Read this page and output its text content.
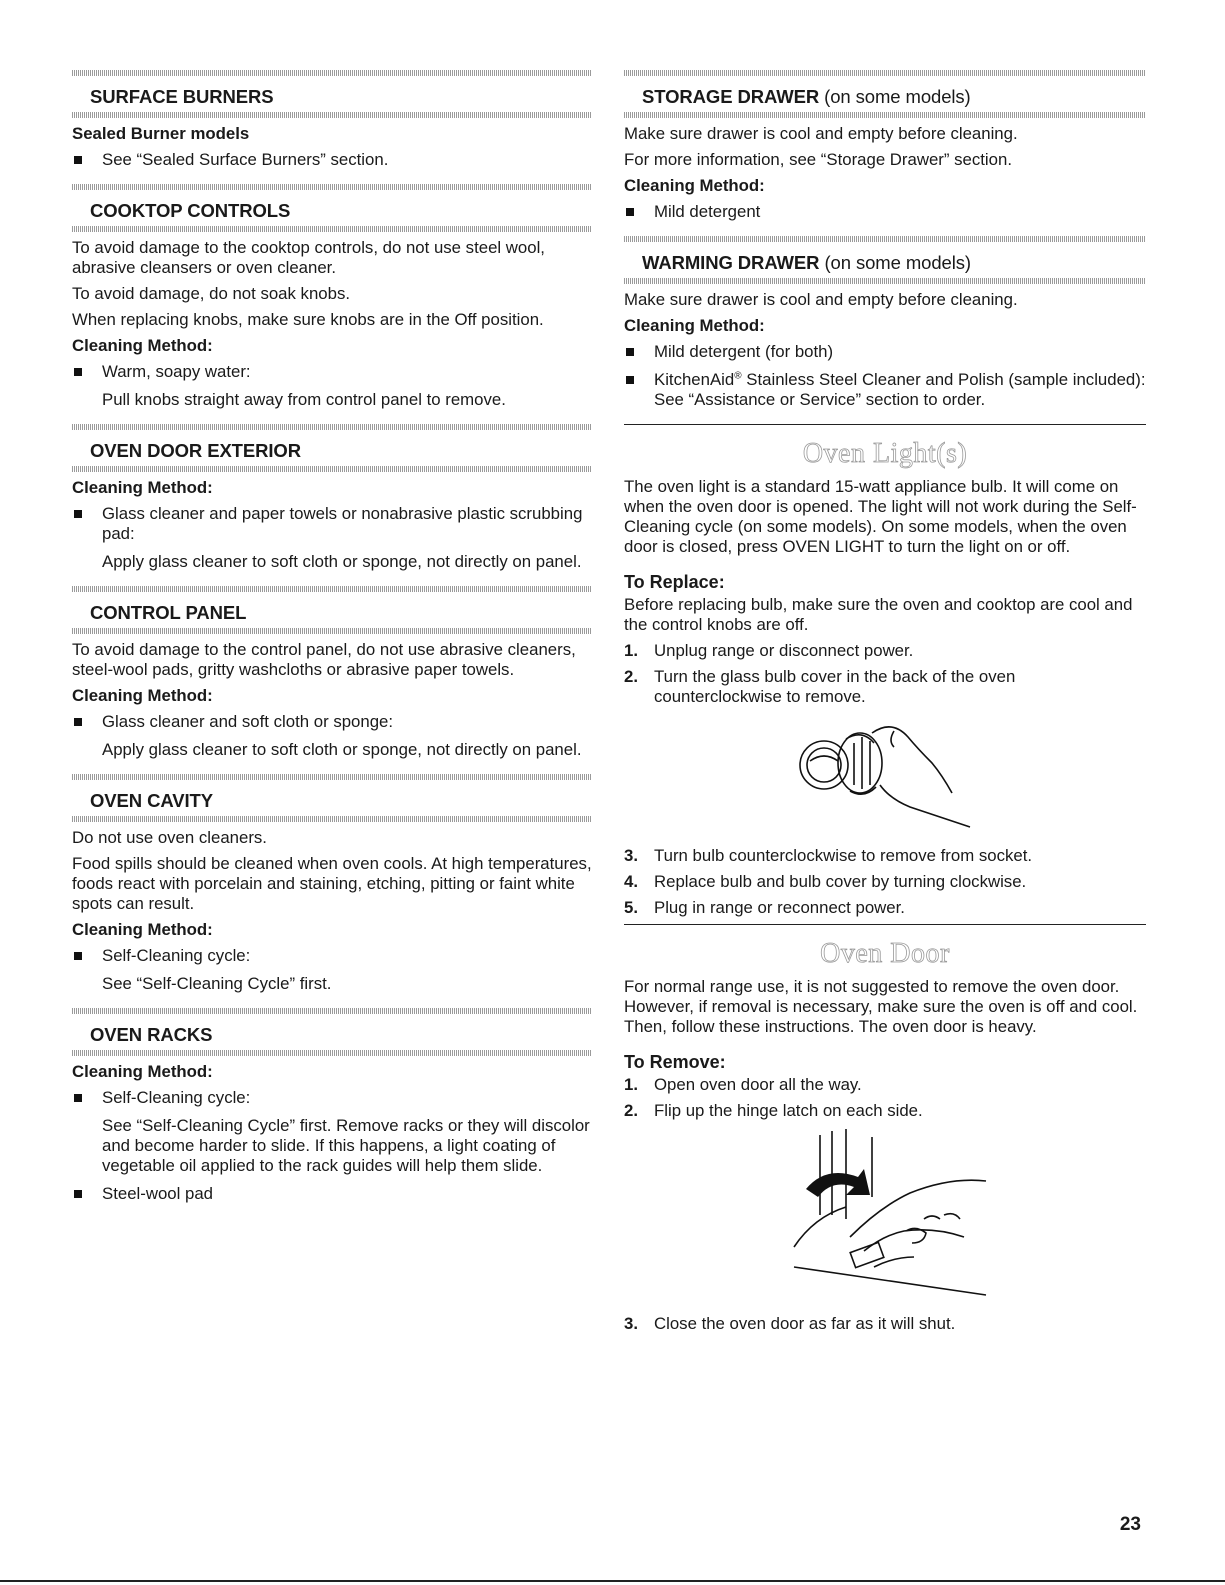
SURFACE BURNERS
Sealed Burner models
See “Sealed Surface Burners” section.
COOKTOP CONTROLS

To avoid damage to the cooktop controls, do not use steel wool, abrasive cleansers or oven cleaner.

To avoid damage, do not soak knobs.

When replacing knobs, make sure knobs are in the Off position.

Cleaning Method:
Warm, soapy water:
Pull knobs straight away from control panel to remove.
OVEN DOOR EXTERIOR
Cleaning Method:
Glass cleaner and paper towels or nonabrasive plastic scrubbing pad:
Apply glass cleaner to soft cloth or sponge, not directly on panel.
CONTROL PANEL

To avoid damage to the control panel, do not use abrasive cleaners, steel-wool pads, gritty washcloths or abrasive paper towels.

Cleaning Method:
Glass cleaner and soft cloth or sponge:
Apply glass cleaner to soft cloth or sponge, not directly on panel.
OVEN CAVITY

Do not use oven cleaners.

Food spills should be cleaned when oven cools. At high temperatures, foods react with porcelain and staining, etching, pitting or faint white spots can result.

Cleaning Method:
Self-Cleaning cycle:
See “Self-Cleaning Cycle” first.
OVEN RACKS
Cleaning Method:
Self-Cleaning cycle:
See “Self-Cleaning Cycle” first. Remove racks or they will discolor and become harder to slide. If this happens, a light coating of vegetable oil applied to the rack guides will help them slide.
Steel-wool pad
STORAGE DRAWER (on some models)

Make sure drawer is cool and empty before cleaning.

For more information, see “Storage Drawer” section.

Cleaning Method:
Mild detergent
WARMING DRAWER (on some models)

Make sure drawer is cool and empty before cleaning.

Cleaning Method:
Mild detergent (for both)
KitchenAid® Stainless Steel Cleaner and Polish (sample included):
See “Assistance or Service” section to order.
Oven Light(s)

The oven light is a standard 15-watt appliance bulb. It will come on when the oven door is opened. The light will not work during the Self-Cleaning cycle (on some models). On some models, when the oven door is closed, press OVEN LIGHT to turn the light on or off.

To Replace:

Before replacing bulb, make sure the oven and cooktop are cool and the control knobs are off.

1. Unplug range or disconnect power.
2. Turn the glass bulb cover in the back of the oven counterclockwise to remove.
3. Turn bulb counterclockwise to remove from socket.
4. Replace bulb and bulb cover by turning clockwise.
5. Plug in range or reconnect power.
Oven Door

For normal range use, it is not suggested to remove the oven door. However, if removal is necessary, make sure the oven is off and cool. Then, follow these instructions. The oven door is heavy.

To Remove:
1. Open oven door all the way.
2. Flip up the hinge latch on each side.
3. Close the oven door as far as it will shut.
23
